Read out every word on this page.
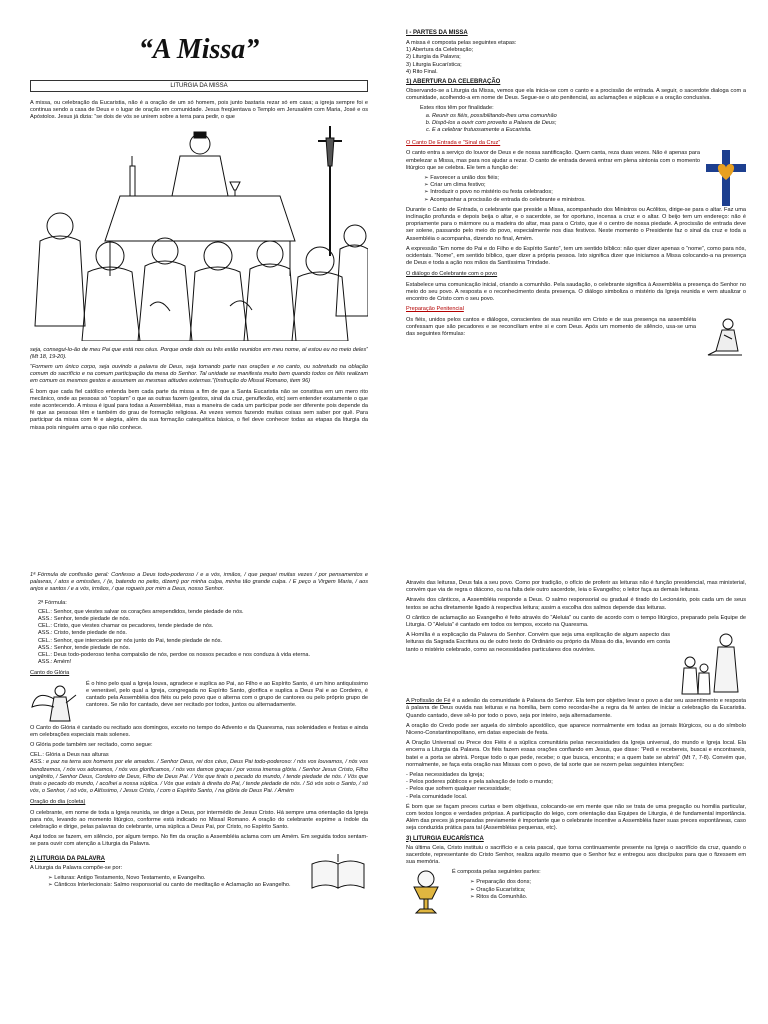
“A Missa”
LITURGIA DA MISSA

A missa, ou celebração da Eucaristia, não é a oração de um só homem, pois junto bastaria rezar só em casa; a igreja sempre foi e continua sendo a casa de Deus e o lugar de oração em comunidade. Jesus freqüentava o Templo em Jerusalém com Maria, José e os Apóstolos. Jesus já dizia: “se dois de vós se unirem sobre a terra para pedir, o que

seja, consegui-lo-ão de meu Pai que está nos céus. Porque onde dois ou três estão reunidos em meu nome, aí estou eu no meio deles” (Mt 18, 19-20).

“Formem um único corpo, seja ouvindo a palavra de Deus, seja tomando parte nas orações e no canto, ou sobretudo na oblação comum do sacrifício e na comum participação da mesa do Senhor. Tal unidade se manifesta muito bem quando todos os fiéis realizam em comum os mesmos gestos e assumem as mesmas atitudes externas.”(Instrução do Missal Romano, item 96)

É bom que cada fiel católico entenda bem cada parte da missa a fim de que a Santa Eucaristia não se constitua em um mero rito mecânico, onde as pessoas só “copiam” o que as outras fazem (gestos, sinal da cruz, genuflexão, etc) sem entender exatamente o que este acontecendo. A missa é igual para todas a Assembléias, mas a maneira de cada um participar pode ser diferente pois depende da fé que as pessoas têm e também do grau de formação religiosa. As vezes vemos fazendo muitas coisas sem saber por quê. Para participar da missa com fé e alegria, além da sua formação catequética básica, o fiel deve conhecer todas as etapas da liturgia da missa pois ninguém ama o que não conhece.

I - PARTES DA MISSA

A missa é composta pelas seguintes etapas:

1) Abertura da Celebração;
2) Liturgia da Palavra;
3) Liturgia Eucarística;
4) Rito Final.
1) ABERTURA DA CELEBRAÇÃO

Observando-se a Liturgia da Missa, vemos que ela inicia-se com o canto e a procissão de entrada. A seguir, o sacerdote dialoga com a comunidade, acolhendo-a em nome de Deus. Segue-se o ato penitencial, as aclamações e súplicas e a oração conclusiva.

Estes ritos têm por finalidade:

a. Reunir os fiéis, possibilitando-lhes uma comunhão
b. Dispô-los a ouvir com proveito a Palavra de Deus;
c. E a celebrar frutuosamente a Eucaristia.
O Canto De Entrada e “Sinal da Cruz”

O canto entra a serviço do louvor de Deus e de nossa santificação. Quem canta, reza duas vezes. Não é apenas para embelezar a Missa, mas para nos ajudar a rezar. O canto de entrada deverá entrar em plena sintonia com o momento litúrgico que se celebra. Ele tem a função de:

➢ Favorecer a união dos fiéis;
➢ Criar um clima festivo;
➢ Introduzir o povo no mistério ou festa celebrados;
➢ Acompanhar a procissão de entrada do celebrante e ministros.

Durante o Canto de Entrada, o celebrante que preside a Missa, acompanhado dos Ministros ou Acólitos, dirige-se para o altar. Faz uma inclinação profunda e depois beija o altar, e o sacerdote, se for oportuno, incensa a cruz e o altar. O beijo tem um endereço: não é propriamente para o mármore ou a madeira do altar, mas para o Cristo, que é o centro de nossa piedade. A procissão de entrada deve ser solene, passando pelo meio do povo, especialmente nos dias festivos. Neste momento o Presidente faz o sinal da cruz e toda a Assembléia o acompanha, dizendo no final, Amém.

A expressão “Em nome do Pai e do Filho e do Espírito Santo”, tem um sentido bíblico: não quer dizer apenas o “nome”, como para nós, ocidentais. “Nome”, em sentido bíblico, quer dizer a própria pessoa. Isto significa dizer que iniciamos a Missa colocando-a na presença de Deus e toda a ação nos mãos da Santíssima Trindade.

O diálogo do Celebrante com o povo

Estabelece uma comunicação inicial, criando a comunhão. Pela saudação, o celebrante significa à Assembléia a presença do Senhor no meio do seu povo. A resposta e o reconhecimento desta presença. O diálogo simboliza o mistério da Igreja reunida e vem atualizar o encontro de Cristo com o seu povo.

Preparação Penitencial

Os fiéis, unidos pelos cantos e diálogos, conscientes de sua reunião em Cristo e de sua presença na assembléia confessam que são pecadores e se reconciliam entre si e com Deus. Após um momento de silêncio, usa-se uma das seguintes fórmulas:

1ª Fórmula de confissão geral: Confesso a Deus todo-poderoso / e a vós, irmãos, / que pequei muitas vezes / por pensamentos e palavras, / atos e omissões, / (e, batendo no peito, dizem) por minha culpa, minha tão grande culpa. / E peço a Virgem Maria, / aos anjos e santos / e a vós, irmãos, / que rogueis por mim a Deus, nosso Senhor.

2ª Fórmula:
CEL.: Senhor, que viestes salvar os corações arrependidos, tende piedade de nós.
ASS.: Senhor, tende piedade de nós.
CEL.: Cristo, que viestes chamar os pecadores, tende piedade de nós.
ASS.: Cristo, tende piedade de nós.
CEL.: Senhor, que intercedeis por nós junto do Pai, tende piedade de nós.
ASS.: Senhor, tende piedade de nós.
CEL.: Deus todo-poderoso tenha compaixão de nós, perdoe os nossos pecados e nos conduza à vida eterna.
ASS.: Amém!
Canto do Glória

É o hino pelo qual a Igreja louva, agradece e suplica ao Pai, ao Filho e ao Espírito Santo, é um hino antiquíssimo e venerável, pelo qual a Igreja, congregada no Espírito Santo, glorifica e suplica a Deus Pai e ao Cordeiro, é cantado pela Assembléia dos fiéis ou pelo povo que o alterna com o grupo de cantores ou pelo próprio grupo de cantores. Se não for cantado, deve ser recitado por todos, juntos ou alternadamente.

O Canto do Glória é cantado ou recitado aos domingos, exceto no tempo do Advento e da Quaresma, nas solenidades e festas e ainda em celebrações especiais mais solenes.

O Glória pode também ser recitado, como segue:

CEL.: Glória a Deus nas alturas

ASS.: e paz na terra aos homens por ele amados. / Senhor Deus, rei dos céus, Deus Pai todo-poderoso: / nós vos louvamos, / nós vos bendizemos, / nós vos adoramos, / nós vos glorificamos, / nós vos damos graças / por vossa imensa glória. / Senhor Jesus Cristo, Filho unigênito, / Senhor Deus, Cordeiro de Deus, Filho de Deus Pai. / Vós que tirais o pecado do mundo, / tende piedade de nós. / Vós que tirais o pecado do mundo, / acolhei a nossa súplica. / Vós que estais à direita do Pai, / tende piedade de nós. / Só vós sois o Santo, / só vós, o Senhor, / só vós, o Altíssimo, / Jesus Cristo, / com o Espírito Santo, / na glória de Deus Pai. / Amém

Oração do dia (coleta)

O celebrante, em nome de toda a Igreja reunida, se dirige a Deus, por intermédio de Jesus Cristo. Há sempre uma orientação da Igreja para nós, levando ao momento litúrgico, conforme está indicado no Missal Romano. A oração do celebrante exprime a índole da celebração e dirige, pelas palavras do celebrante, uma súplica a Deus Pai, por Cristo, no Espírito Santo.

Aqui todos se fazem, em silêncio, por algum tempo. No fim da oração a Assembléia aclama com um Amém. Em seguida todos sentam-se para ouvir com atenção a Liturgia da Palavra.

2) LITURGIA DA PALAVRA

A Liturgia da Palavra compõe-se por:

➢ Leituras: Antigo Testamento, Novo Testamento, e Evangelho.
➢ Cânticos Interlecionais: Salmo responsorial ou canto de meditação e Aclamação ao Evangelho.

Através das leituras, Deus fala a seu povo. Como por tradição, o ofício de proferir as leituras não é função presidencial, mas ministerial, convém que via de regra o diácono, ou na falta dele outro sacerdote, leia o Evangelho; o leitor faça as demais leituras.

Através dos cânticos, a Assembléia responde a Deus. O salmo responsorial ou gradual é tirado do Lecionário, pois cada um de seus textos se acha diretamente ligado à respectiva leitura; assim a escolha dos salmos depende das leituras.

O cântico de aclamação ao Evangelho é feito através do “Aleluia” ou canto de acordo com o tempo litúrgico, preparado pela Equipe de Liturgia. O “Aleluia” é cantado em todos os tempos, exceto na Quaresma.

A Homília é a explicação da Palavra do Senhor. Convém que seja uma explicação de algum aspecto das leituras da Sagrada Escritura ou de outro texto do Ordinário ou próprio da Missa do dia, levando em conta tanto o mistério celebrado, como as necessidades particulares dos ouvintes.

A Profissão de Fé é a adesão da comunidade à Palavra do Senhor. Ela tem por objetivo levar o povo a dar seu assentimento e resposta à palavra de Deus ouvida nas leituras e na homilia, bem como recordar-lhe a regra da fé antes de iniciar a celebração da Eucaristia. Quando cantado, deve sê-lo por todo o povo, seja por inteiro, seja alternadamente.

A oração do Credo pode ser aquela do símbolo apostólico, que aparece normalmente em todas as jornais litúrgicos, ou a do símbolo Niceno-Constantinopolitano, em datas especiais de festa.

A Oração Universal ou Prece dos Fiéis é a súplica comunitária pelas necessidades da Igreja universal, do mundo e Igreja local. Ela encerra a Liturgia da Palavra. Os fiéis fazem essas orações confiando em Jesus, que disse: “Pedi e recebereis, buscai e encontrareis, batei e a porta se abrirá. Porque todo o que pede, recebe; o que busca, encontra; e a quem bate se abrirá” (Mt 7, 7-8). Convém que, normalmente, se faça esta oração nas Missas com o povo, de tal sorte que se rezem pelas seguintes intenções:

- Pelas necessidades da Igreja;
- Pelos poderes públicos e pela salvação de todo o mundo;
- Pelos que sofrem qualquer necessidade;
- Pela comunidade local.

É bom que se façam preces curtas e bem objetivas, colocando-se em mente que não se trata de uma pregação ou homilia particular, com textos longos e verdades próprias. A participação do leigo, com orientação das Equipes de Liturgia, é de fundamental importância. Além das preces já preparadas previamente é importante que o celebrante incentive a Assembléia fazer suas preces espontâneas, caso seja conduzida prática para tal (Assembléias pequenas, etc).

3) LITURGIA EUCARÍSTICA

Na última Ceia, Cristo instituiu o sacrifício e a ceia pascal, que torna continuamente presente na Igreja o sacrifício da cruz, quando o sacerdote, representante do Cristo Senhor, realiza aquilo mesmo que o Senhor fez e entregou aos discípulos para que o fizessem em sua memória.

É composta pelas seguintes partes:

➢ Preparação dos dons;
➢ Oração Eucarística;
➢ Ritos da Comunhão.
